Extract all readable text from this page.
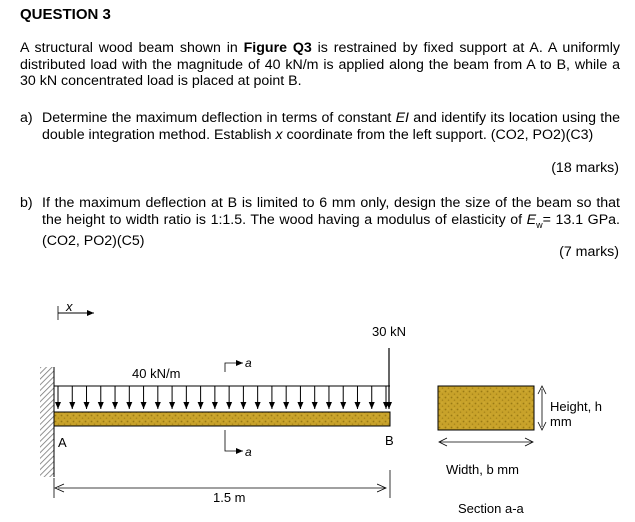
QUESTION 3
A structural wood beam shown in Figure Q3 is restrained by fixed support at A. A uniformly distributed load with the magnitude of 40 kN/m is applied along the beam from A to B, while a 30 kN concentrated load is placed at point B.
a) Determine the maximum deflection in terms of constant EI and identify its location using the double integration method. Establish x coordinate from the left support. (CO2, PO2)(C3)
(18 marks)
b) If the maximum deflection at B is limited to 6 mm only, design the size of the beam so that the height to width ratio is 1:1.5. The wood having a modulus of elasticity of $E_w= 13.1$ GPa. (CO2, PO2)(C5)
(7 marks)
x
A
40 kN/m
30 kN
B
a
a
1.5 m
Height, h
mm
Width, b mm
Section a-a
